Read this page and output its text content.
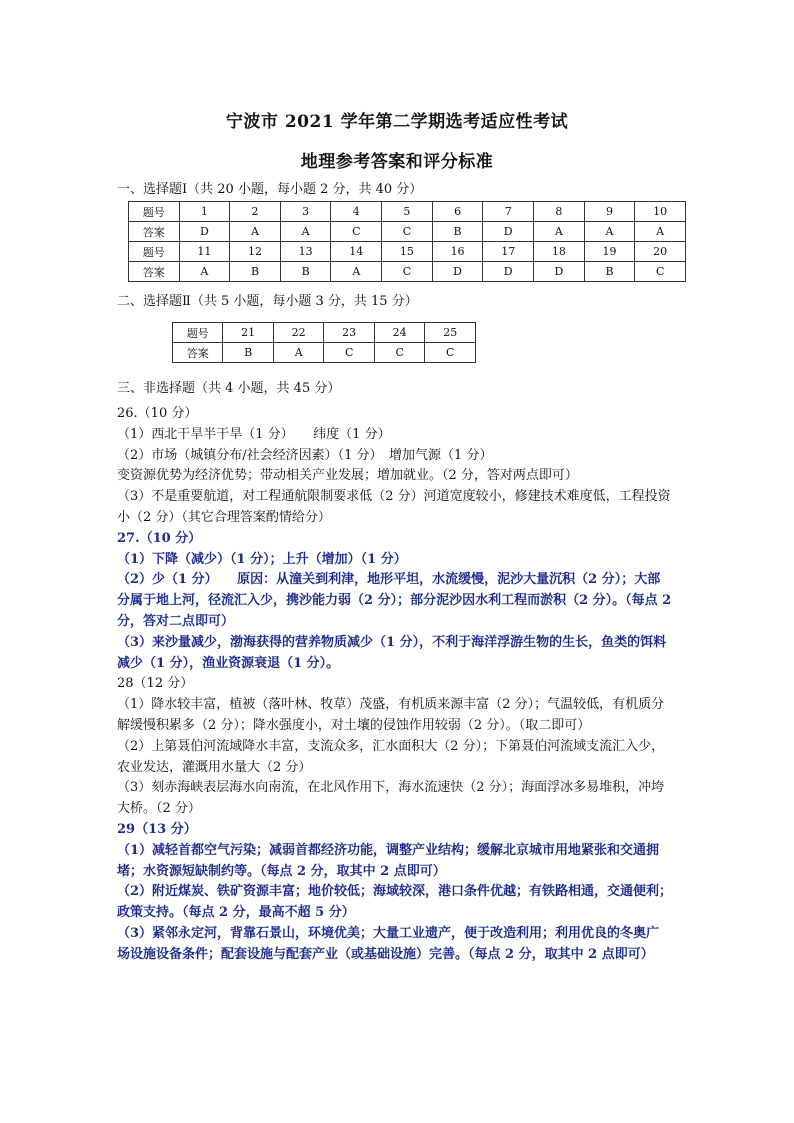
宁波市 2021 学年第二学期选考适应性考试
地理参考答案和评分标准
一、选择题Ⅰ（共 20 小题，每小题 2 分，共 40 分）
题号	1	2	3	4	5	6	7	8	9	10
答案	D	A	A	C	C	B	D	A	A	A
题号	11	12	13	14	15	16	17	18	19	20
答案	A	B	B	A	C	D	D	D	B	C
二、选择题Ⅱ（共 5 小题，每小题 3 分，共 15 分）
题号	21	22	23	24	25
答案	B	A	C	C	C
三、非选择题（共 4 小题，共 45 分）
26.（10 分）
（1）西北干旱半干旱（1 分）　　纬度（1 分）
（2）市场（城镇分布/社会经济因素）（1 分）　增加气源（1 分）
变资源优势为经济优势；带动相关产业发展；增加就业。（2 分，答对两点即可）
（3）不是重要航道，对工程通航限制要求低（2 分）河道宽度较小，修建技术难度低，工程投资
小（2 分）（其它合理答案酌情给分）
27.（10 分）
（1）下降（减少）（1 分）；上升（增加）（1 分）
（2）少（1 分）　　原因：从潼关到利津，地形平坦，水流缓慢，泥沙大量沉积（2 分）；大部
分属于地上河，径流汇入少，携沙能力弱（2 分）；部分泥沙因水利工程而淤积（2 分）。（每点 2
分，答对二点即可）
（3）来沙量减少，渤海获得的营养物质减少（1 分），不利于海洋浮游生物的生长，鱼类的饵料
减少（1 分），渔业资源衰退（1 分）。
28（12 分）
（1）降水较丰富，植被（落叶林、牧草）茂盛，有机质来源丰富（2 分）；气温较低，有机质分
解缓慢积累多（2 分）；降水强度小，对土壤的侵蚀作用较弱（2 分）。（取二即可）
（2）上第聂伯河流域降水丰富，支流众多，汇水面积大（2 分）；下第聂伯河流域支流汇入少，
农业发达，灌溉用水量大（2 分）
（3）刻赤海峡表层海水向南流，在北风作用下，海水流速快（2 分）；海面浮冰多易堆积，冲垮
大桥。（2 分）
29（13 分）
（1）减轻首都空气污染；减弱首都经济功能，调整产业结构；缓解北京城市用地紧张和交通拥
堵；水资源短缺制约等。（每点 2 分，取其中 2 点即可）
（2）附近煤炭、铁矿资源丰富；地价较低；海域较深，港口条件优越；有铁路相通，交通便利；
政策支持。（每点 2 分，最高不超 5 分）
（3）紧邻永定河，背靠石景山，环境优美；大量工业遗产，便于改造利用；利用优良的冬奥广
场设施设备条件；配套设施与配套产业（或基础设施）完善。（每点 2 分，取其中 2 点即可）
